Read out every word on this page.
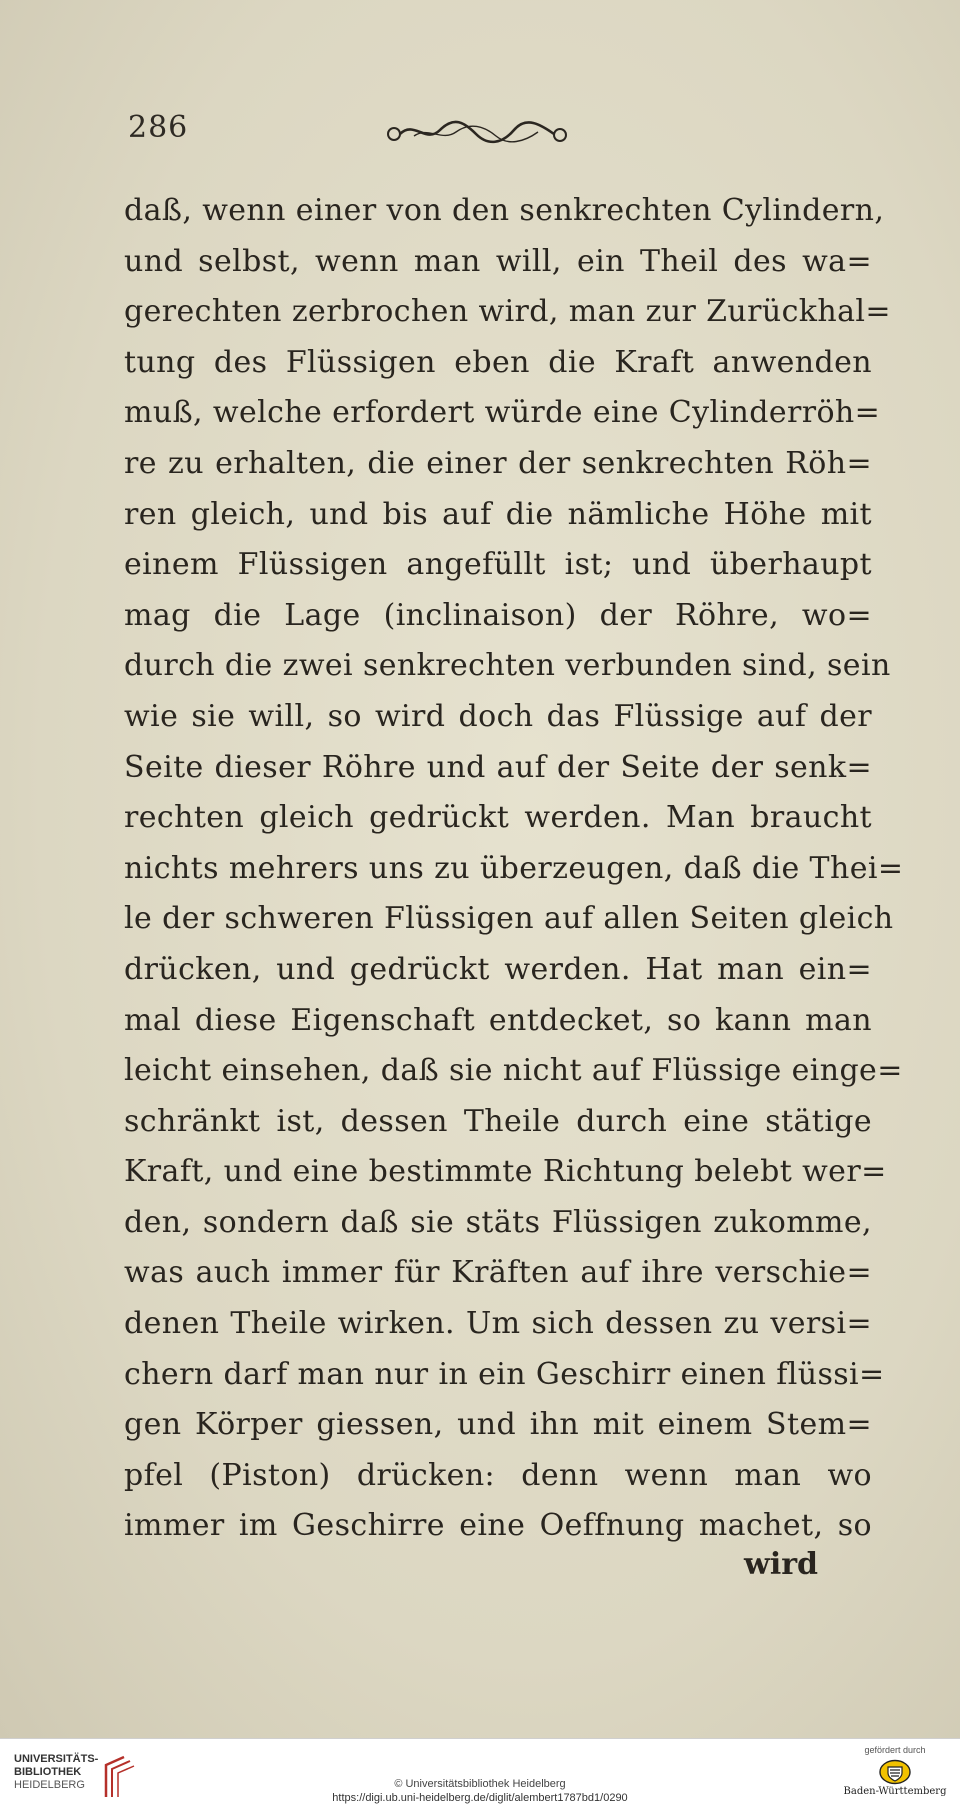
286
daß, wenn einer von den senkrechten Cylindern,
und selbst, wenn man will, ein Theil des wa=
gerechten zerbrochen wird, man zur Zurückhal=
tung des Flüssigen eben die Kraft anwenden
muß, welche erfordert würde eine Cylinderröh=
re zu erhalten, die einer der senkrechten Röh=
ren gleich, und bis auf die nämliche Höhe mit
einem Flüssigen angefüllt ist; und überhaupt
mag die Lage (inclinaison) der Röhre, wo=
durch die zwei senkrechten verbunden sind, sein
wie sie will, so wird doch das Flüssige auf der
Seite dieser Röhre und auf der Seite der senk=
rechten gleich gedrückt werden. Man braucht
nichts mehrers uns zu überzeugen, daß die Thei=
le der schweren Flüssigen auf allen Seiten gleich
drücken, und gedrückt werden. Hat man ein=
mal diese Eigenschaft entdecket, so kann man
leicht einsehen, daß sie nicht auf Flüssige einge=
schränkt ist, dessen Theile durch eine stätige
Kraft, und eine bestimmte Richtung belebt wer=
den, sondern daß sie stäts Flüssigen zukomme,
was auch immer für Kräften auf ihre verschie=
denen Theile wirken. Um sich dessen zu versi=
chern darf man nur in ein Geschirr einen flüssi=
gen Körper giessen, und ihn mit einem Stem=
pfel (Piston) drücken: denn wenn man wo
immer im Geschirre eine Oeffnung machet, so
wird
UNIVERSITÄTS-
BIBLIOTHEK
HEIDELBERG	© Universitätsbibliothek Heidelberg
https://digi.ub.uni-heidelberg.de/diglit/alembert1787bd1/0290
gefördert durch
Baden-Württemberg
